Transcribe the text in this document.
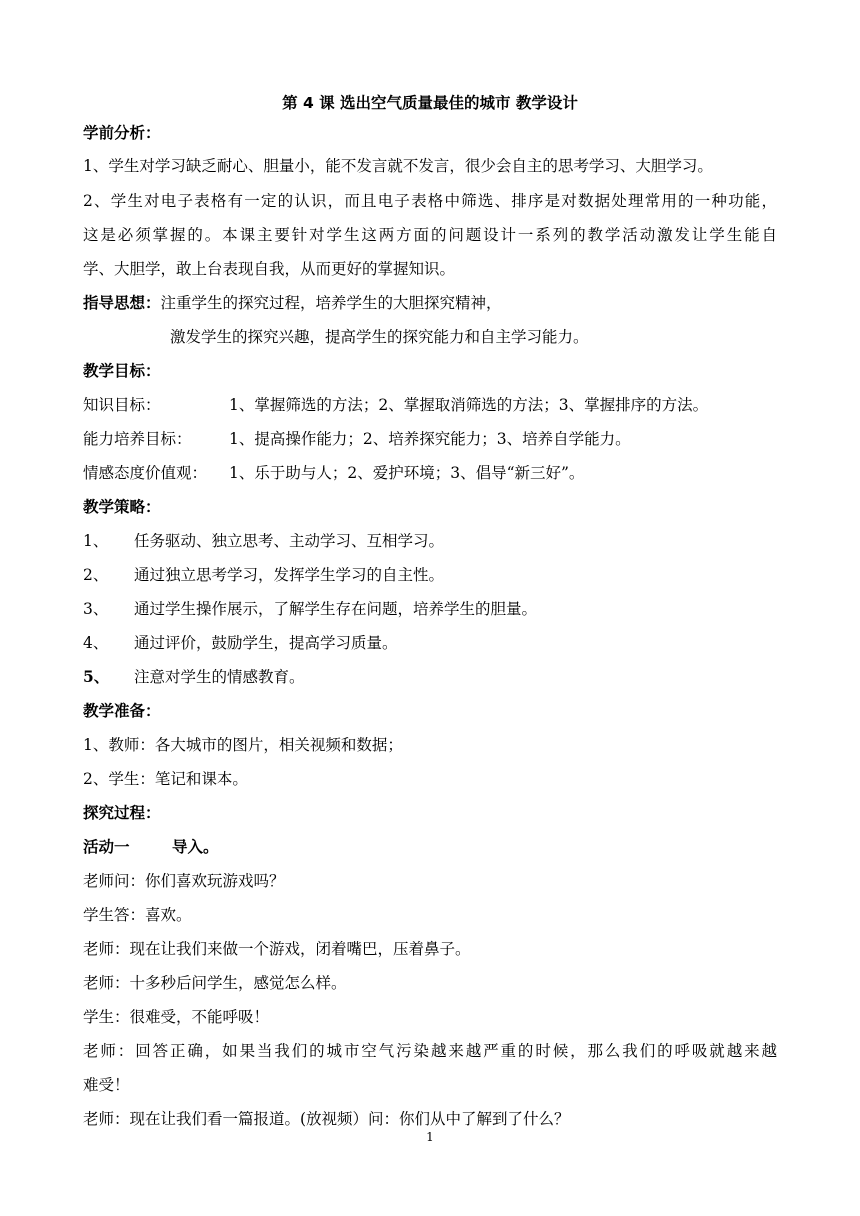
第 4 课 选出空气质量最佳的城市 教学设计
学前分析：
1、学生对学习缺乏耐心、胆量小，能不发言就不发言，很少会自主的思考学习、大胆学习。
2、学生对电子表格有一定的认识，而且电子表格中筛选、排序是对数据处理常用的一种功能，
这是必须掌握的。本课主要针对学生这两方面的问题设计一系列的教学活动激发让学生能自
学、大胆学，敢上台表现自我，从而更好的掌握知识。
指导思想：注重学生的探究过程，培养学生的大胆探究精神，
激发学生的探究兴趣，提高学生的探究能力和自主学习能力。
教学目标：
知识目标：	1、掌握筛选的方法；2、掌握取消筛选的方法；3、掌握排序的方法。
能力培养目标： 1、提高操作能力；2、培养探究能力；3、培养自学能力。
情感态度价值观： 1、乐于助与人；2、爱护环境；3、倡导“新三好”。
教学策略：
1、 任务驱动、独立思考、主动学习、互相学习。
2、 通过独立思考学习，发挥学生学习的自主性。
3、 通过学生操作展示，了解学生存在问题，培养学生的胆量。
4、 通过评价，鼓励学生，提高学习质量。
5、 注意对学生的情感教育。
教学准备：
1、教师：各大城市的图片，相关视频和数据；
2、学生：笔记和课本。
探究过程：
活动一	导入。
老师问：你们喜欢玩游戏吗？
学生答：喜欢。
老师：现在让我们来做一个游戏，闭着嘴巴，压着鼻子。
老师：十多秒后问学生，感觉怎么样。
学生：很难受，不能呼吸！
老师：回答正确，如果当我们的城市空气污染越来越严重的时候，那么我们的呼吸就越来越
难受！
老师：现在让我们看一篇报道。(放视频）问：你们从中了解到了什么？
1
